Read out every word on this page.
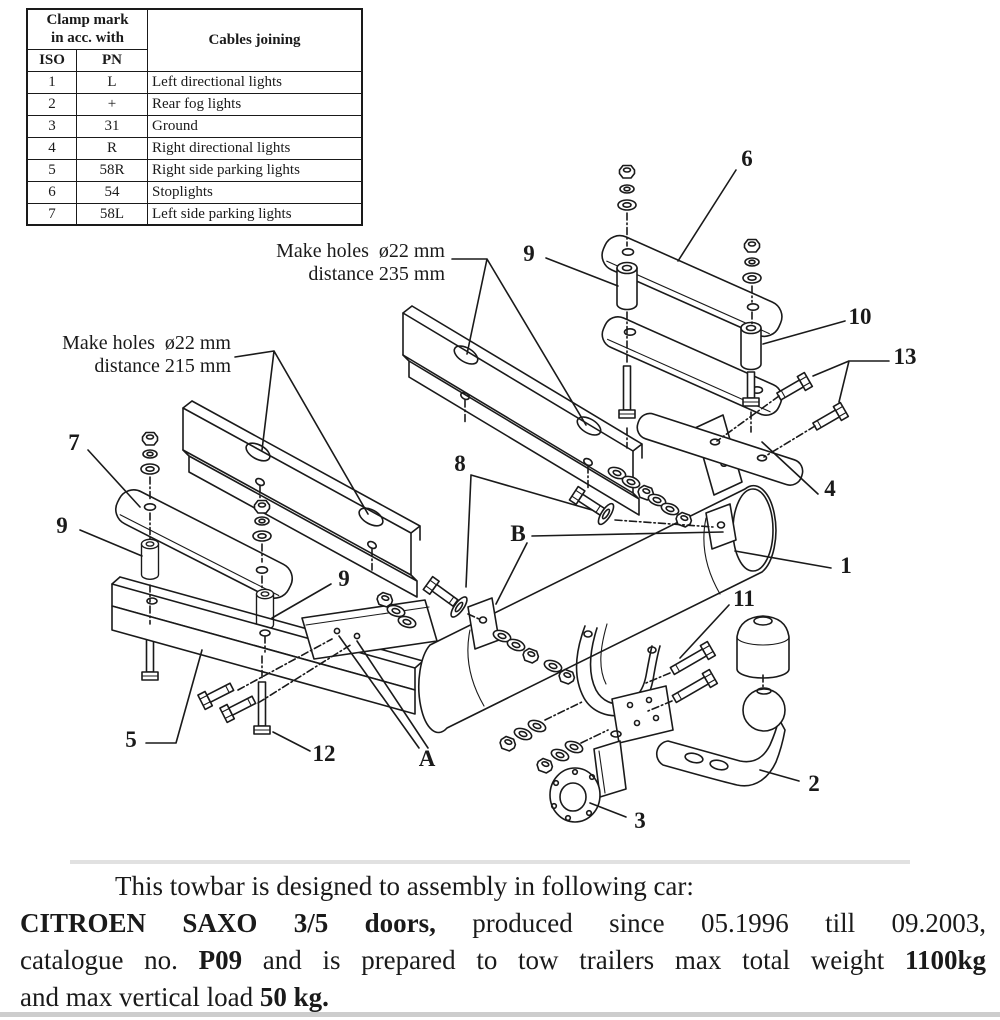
Clamp mark
in acc. with		Cables joining
ISO	PN	
1	L	Left directional lights
2	+	Rear fog lights
3	31	Ground
4	R	Right directional lights
5	58R	Right side parking lights
6	54	Stoplights
7	58L	Left side parking lights
Make holes  ø22 mm
distance 235 mm
Make holes  ø22 mm
distance 215 mm
6
9
10
13
7
9
8
B
4
1
9
11
5
12	A
3
2
This towbar is designed to assembly in following car:
CITROEN SAXO 3/5 doors, produced since 05.1996 till 09.2003,
catalogue no. P09 and is prepared to tow trailers max total weight 1100kg
and max vertical load 50 kg.
